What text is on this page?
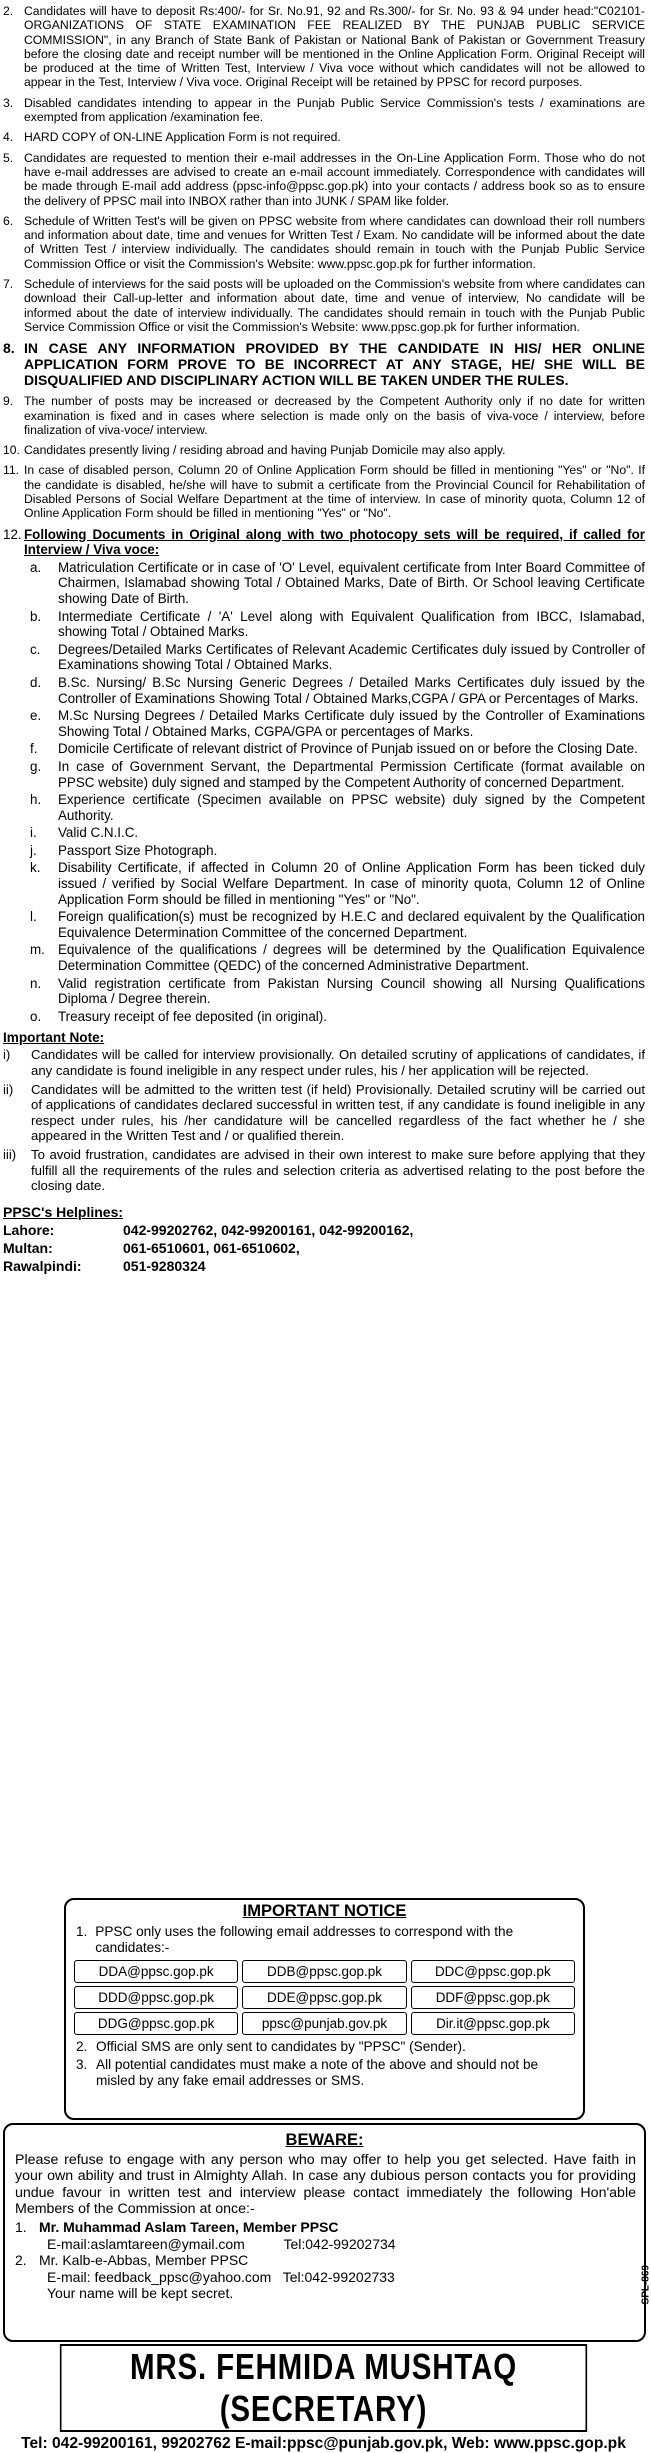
2. Candidates will have to deposit Rs:400/- for Sr. No.91, 92 and Rs.300/- for Sr. No. 93 & 94 under head:"C02101-ORGANIZATIONS OF STATE EXAMINATION FEE REALIZED BY THE PUNJAB PUBLIC SERVICE COMMISSION", in any Branch of State Bank of Pakistan or National Bank of Pakistan or Government Treasury before the closing date and receipt number will be mentioned in the Online Application Form. Original Receipt will be produced at the time of Written Test, Interview / Viva voce without which candidates will not be allowed to appear in the Test, Interview / Viva voce. Original Receipt will be retained by PPSC for record purposes.
3. Disabled candidates intending to appear in the Punjab Public Service Commission's tests / examinations are exempted from application /examination fee.
4. HARD COPY of ON-LINE Application Form is not required.
5. Candidates are requested to mention their e-mail addresses in the On-Line Application Form. Those who do not have e-mail addresses are advised to create an e-mail account immediately. Correspondence with candidates will be made through E-mail add address (ppsc-info@ppsc.gop.pk) into your contacts / address book so as to ensure the delivery of PPSC mail into INBOX rather than into JUNK / SPAM like folder.
6. Schedule of Written Test's will be given on PPSC website from where candidates can download their roll numbers and information about date, time and venues for Written Test / Exam. No candidate will be informed about the date of Written Test / interview individually. The candidates should remain in touch with the Punjab Public Service Commission Office or visit the Commission's Website: www.ppsc.gop.pk for further information.
7. Schedule of interviews for the said posts will be uploaded on the Commission's website from where candidates can download their Call-up-letter and information about date, time and venue of interview, No candidate will be informed about the date of interview individually. The candidates should remain in touch with the Punjab Public Service Commission Office or visit the Commission's Website: www.ppsc.gop.pk for further information.
8. IN CASE ANY INFORMATION PROVIDED BY THE CANDIDATE IN HIS/ HER ONLINE APPLICATION FORM PROVE TO BE INCORRECT AT ANY STAGE, HE/ SHE WILL BE DISQUALIFIED AND DISCIPLINARY ACTION WILL BE TAKEN UNDER THE RULES.
9. The number of posts may be increased or decreased by the Competent Authority only if no date for written examination is fixed and in cases where selection is made only on the basis of viva-voce / interview, before finalization of viva-voce/ interview.
10. Candidates presently living / residing abroad and having Punjab Domicile may also apply.
11. In case of disabled person, Column 20 of Online Application Form should be filled in mentioning "Yes" or "No". If the candidate is disabled, he/she will have to submit a certificate from the Provincial Council for Rehabilitation of Disabled Persons of Social Welfare Department at the time of interview. In case of minority quota, Column 12 of Online Application Form should be filled in mentioning "Yes" or "No".
12. Following Documents in Original along with two photocopy sets will be required, if called for Interview / Viva voce:
a.	Matriculation Certificate or in case of 'O' Level, equivalent certificate from Inter Board Committee of Chairmen, Islamabad showing Total / Obtained Marks, Date of Birth. Or School leaving Certificate showing Date of Birth.
b.	Intermediate Certificate / 'A' Level along with Equivalent Qualification from IBCC, Islamabad, showing Total / Obtained Marks.
c.	Degrees/Detailed Marks Certificates of Relevant Academic Certificates duly issued by Controller of Examinations showing Total / Obtained Marks.
d.	B.Sc. Nursing/ B.Sc Nursing Generic Degrees / Detailed Marks Certificates duly issued by the Controller of Examinations Showing Total / Obtained Marks,CGPA / GPA or Percentages of Marks.
e.	M.Sc Nursing Degrees / Detailed Marks Certificate duly issued by the Controller of Examinations Showing Total / Obtained Marks, CGPA/GPA or percentages of Marks.
f.	Domicile Certificate of relevant district of Province of Punjab issued on or before the Closing Date.
g.	In case of Government Servant, the Departmental Permission Certificate (format available on PPSC website) duly signed and stamped by the Competent Authority of concerned Department.
h.	Experience certificate (Specimen available on PPSC website) duly signed by the Competent Authority.
i.	Valid C.N.I.C.
j.	Passport Size Photograph.
k.	Disability Certificate, if affected in Column 20 of Online Application Form has been ticked duly issued / verified by Social Welfare Department. In case of minority quota, Column 12 of Online Application Form should be filled in mentioning "Yes" or "No".
l.	Foreign qualification(s) must be recognized by H.E.C and declared equivalent by the Qualification Equivalence Determination Committee of the concerned Department.
m. Equivalence of the qualifications / degrees will be determined by the Qualification Equivalence Determination Committee (QEDC) of the concerned Administrative Department.
n.	Valid registration certificate from Pakistan Nursing Council showing all Nursing Qualifications Diploma / Degree therein.
o.	Treasury receipt of fee deposited (in original).
Important Note:
i)	Candidates will be called for interview provisionally. On detailed scrutiny of applications of candidates, if any candidate is found ineligible in any respect under rules, his / her application will be rejected.
ii)	Candidates will be admitted to the written test (if held) Provisionally. Detailed scrutiny will be carried out of applications of candidates declared successful in written test, if any candidate is found ineligible in any respect under rules, his /her candidature will be cancelled regardless of the fact whether he / she appeared in the Written Test and / or qualified therein.
iii)	To avoid frustration, candidates are advised in their own interest to make sure before applying that they fulfill all the requirements of the rules and selection criteria as advertised relating to the post before the closing date.
PPSC's Helplines:
Lahore:	042-99202762, 042-99200161, 042-99200162,
Multan:	061-6510601, 061-6510602,
Rawalpindi:	051-9280324
IMPORTANT NOTICE
1. PPSC only uses the following email addresses to correspond with the candidates:-
DDA@ppsc.gop.pk	DDB@ppsc.gop.pk	DDC@ppsc.gop.pk
DDD@ppsc.gop.pk	DDE@ppsc.gop.pk	DDF@ppsc.gop.pk
DDG@ppsc.gop.pk	ppsc@punjab.gov.pk	Dir.it@ppsc.gop.pk
2. Official SMS are only sent to candidates by "PPSC" (Sender).
3. All potential candidates must make a note of the above and should not be misled by any fake email addresses or SMS.
BEWARE:
Please refuse to engage with any person who may offer to help you get selected. Have faith in your own ability and trust in Almighty Allah. In case any dubious person contacts you for providing undue favour in written test and interview please contact immediately the following Hon'able Members of the Commission at once:-
1. Mr. Muhammad Aslam Tareen, Member PPSC
E-mail:aslamtareen@ymail.com          Tel:042-99202734
2. Mr. Kalb-e-Abbas, Member PPSC
E-mail: feedback_ppsc@yahoo.com   Tel:042-99202733
Your name will be kept secret.	SPL-869
MRS. FEHMIDA MUSHTAQ (SECRETARY)
Tel: 042-99200161, 99202762 E-mail:ppsc@punjab.gov.pk, Web: www.ppsc.gop.pk
